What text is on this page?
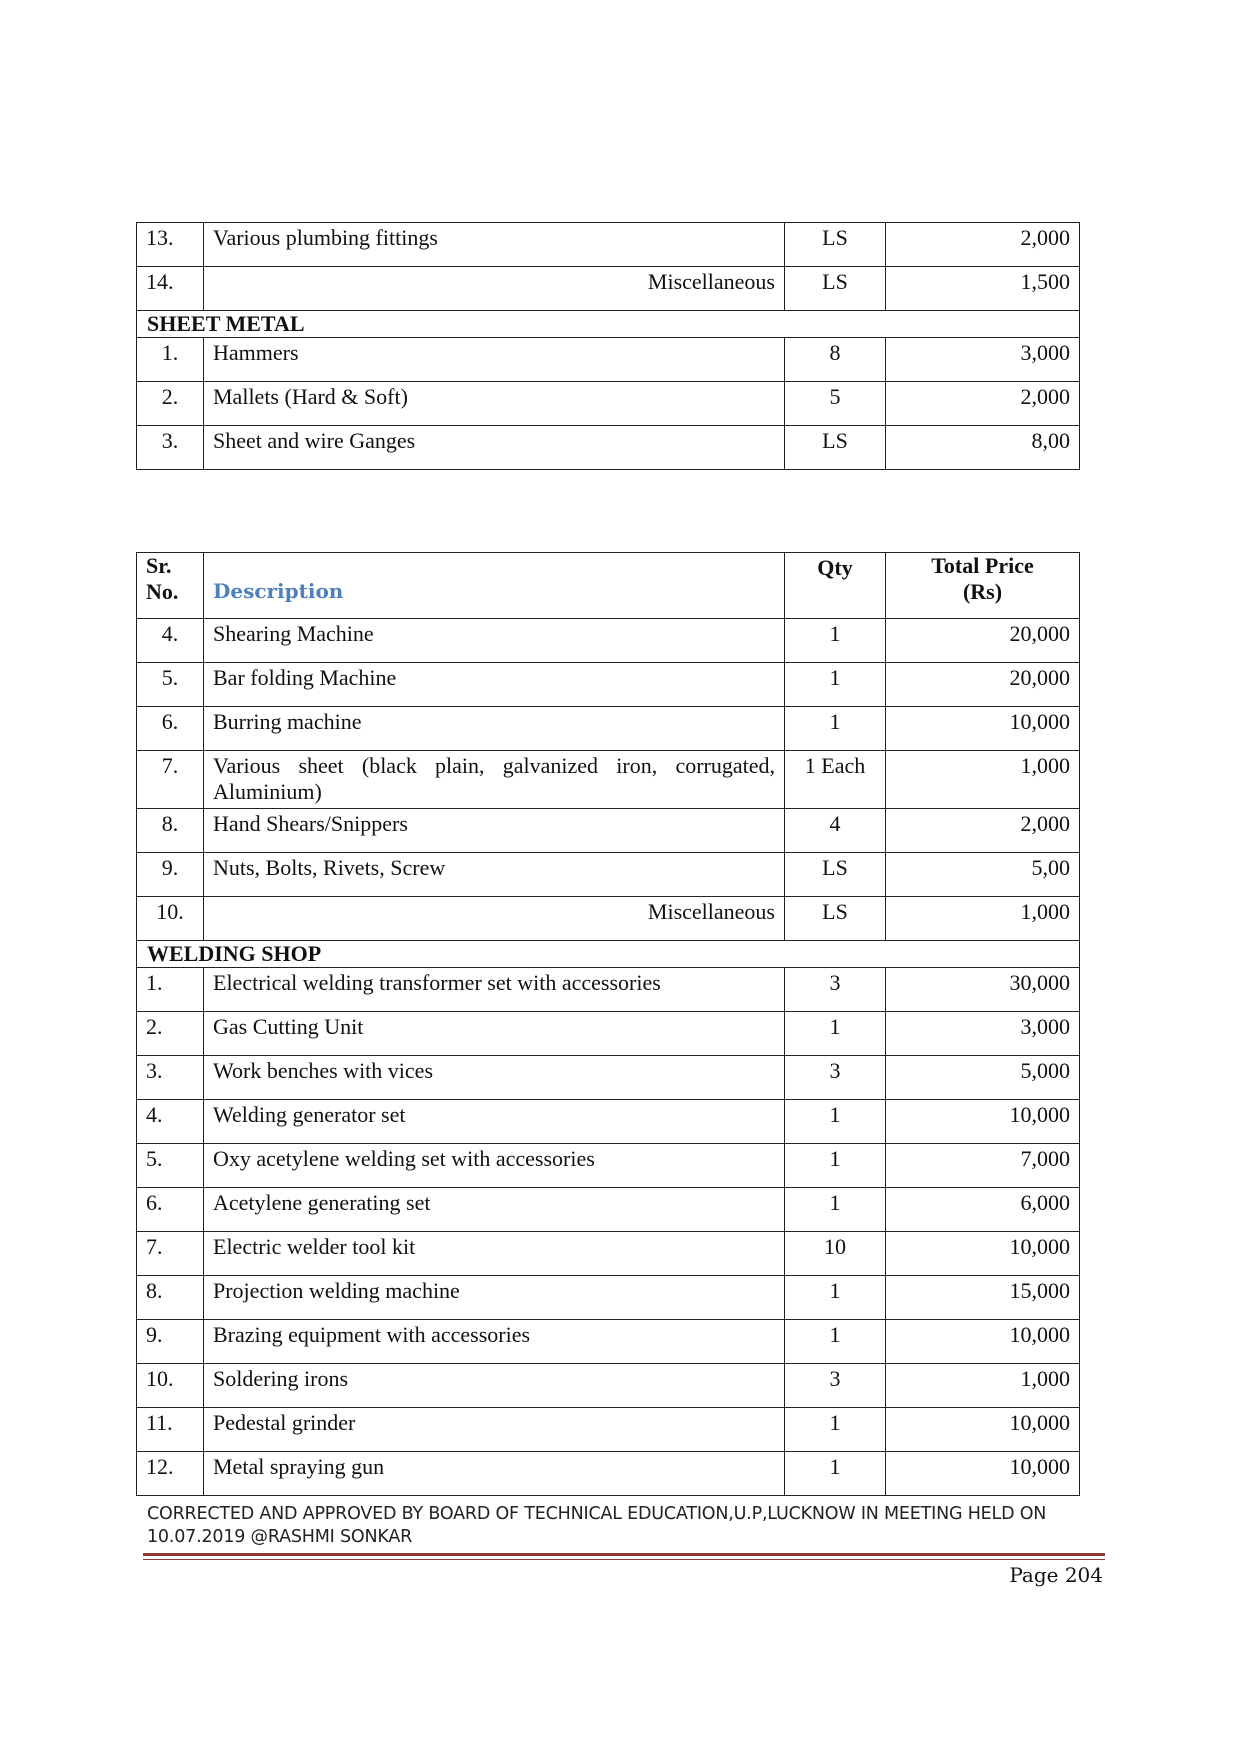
13.	Various plumbing fittings	LS	2,000
14.	Miscellaneous	LS	1,500
SHEET METAL			
1.	Hammers	8	3,000
2.	Mallets (Hard & Soft)	5	2,000
3.	Sheet and wire Ganges	LS	8,00
Sr. No.	Description	Qty	Total Price (Rs)
4.	Shearing Machine	1	20,000
5.	Bar folding Machine	1	20,000
6.	Burring machine	1	10,000
7.	Various sheet (black plain, galvanized iron, corrugated, Aluminium)	1 Each	1,000
8.	Hand Shears/Snippers	4	2,000
9.	Nuts, Bolts, Rivets, Screw	LS	5,00
10.	Miscellaneous	LS	1,000
WELDING SHOP			
1.	Electrical welding transformer set with accessories	3	30,000
2.	Gas Cutting Unit	1	3,000
3.	Work benches with vices	3	5,000
4.	Welding generator set	1	10,000
5.	Oxy acetylene welding set with accessories	1	7,000
6.	Acetylene generating set	1	6,000
7.	Electric welder tool kit	10	10,000
8.	Projection welding machine	1	15,000
9.	Brazing equipment with accessories	1	10,000
10.	Soldering irons	3	1,000
11.	Pedestal grinder	1	10,000
12.	Metal spraying gun	1	10,000
CORRECTED AND APPROVED BY BOARD OF TECHNICAL EDUCATION,U.P,LUCKNOW IN MEETING HELD ON
10.07.2019 @RASHMI SONKAR
Page 204
